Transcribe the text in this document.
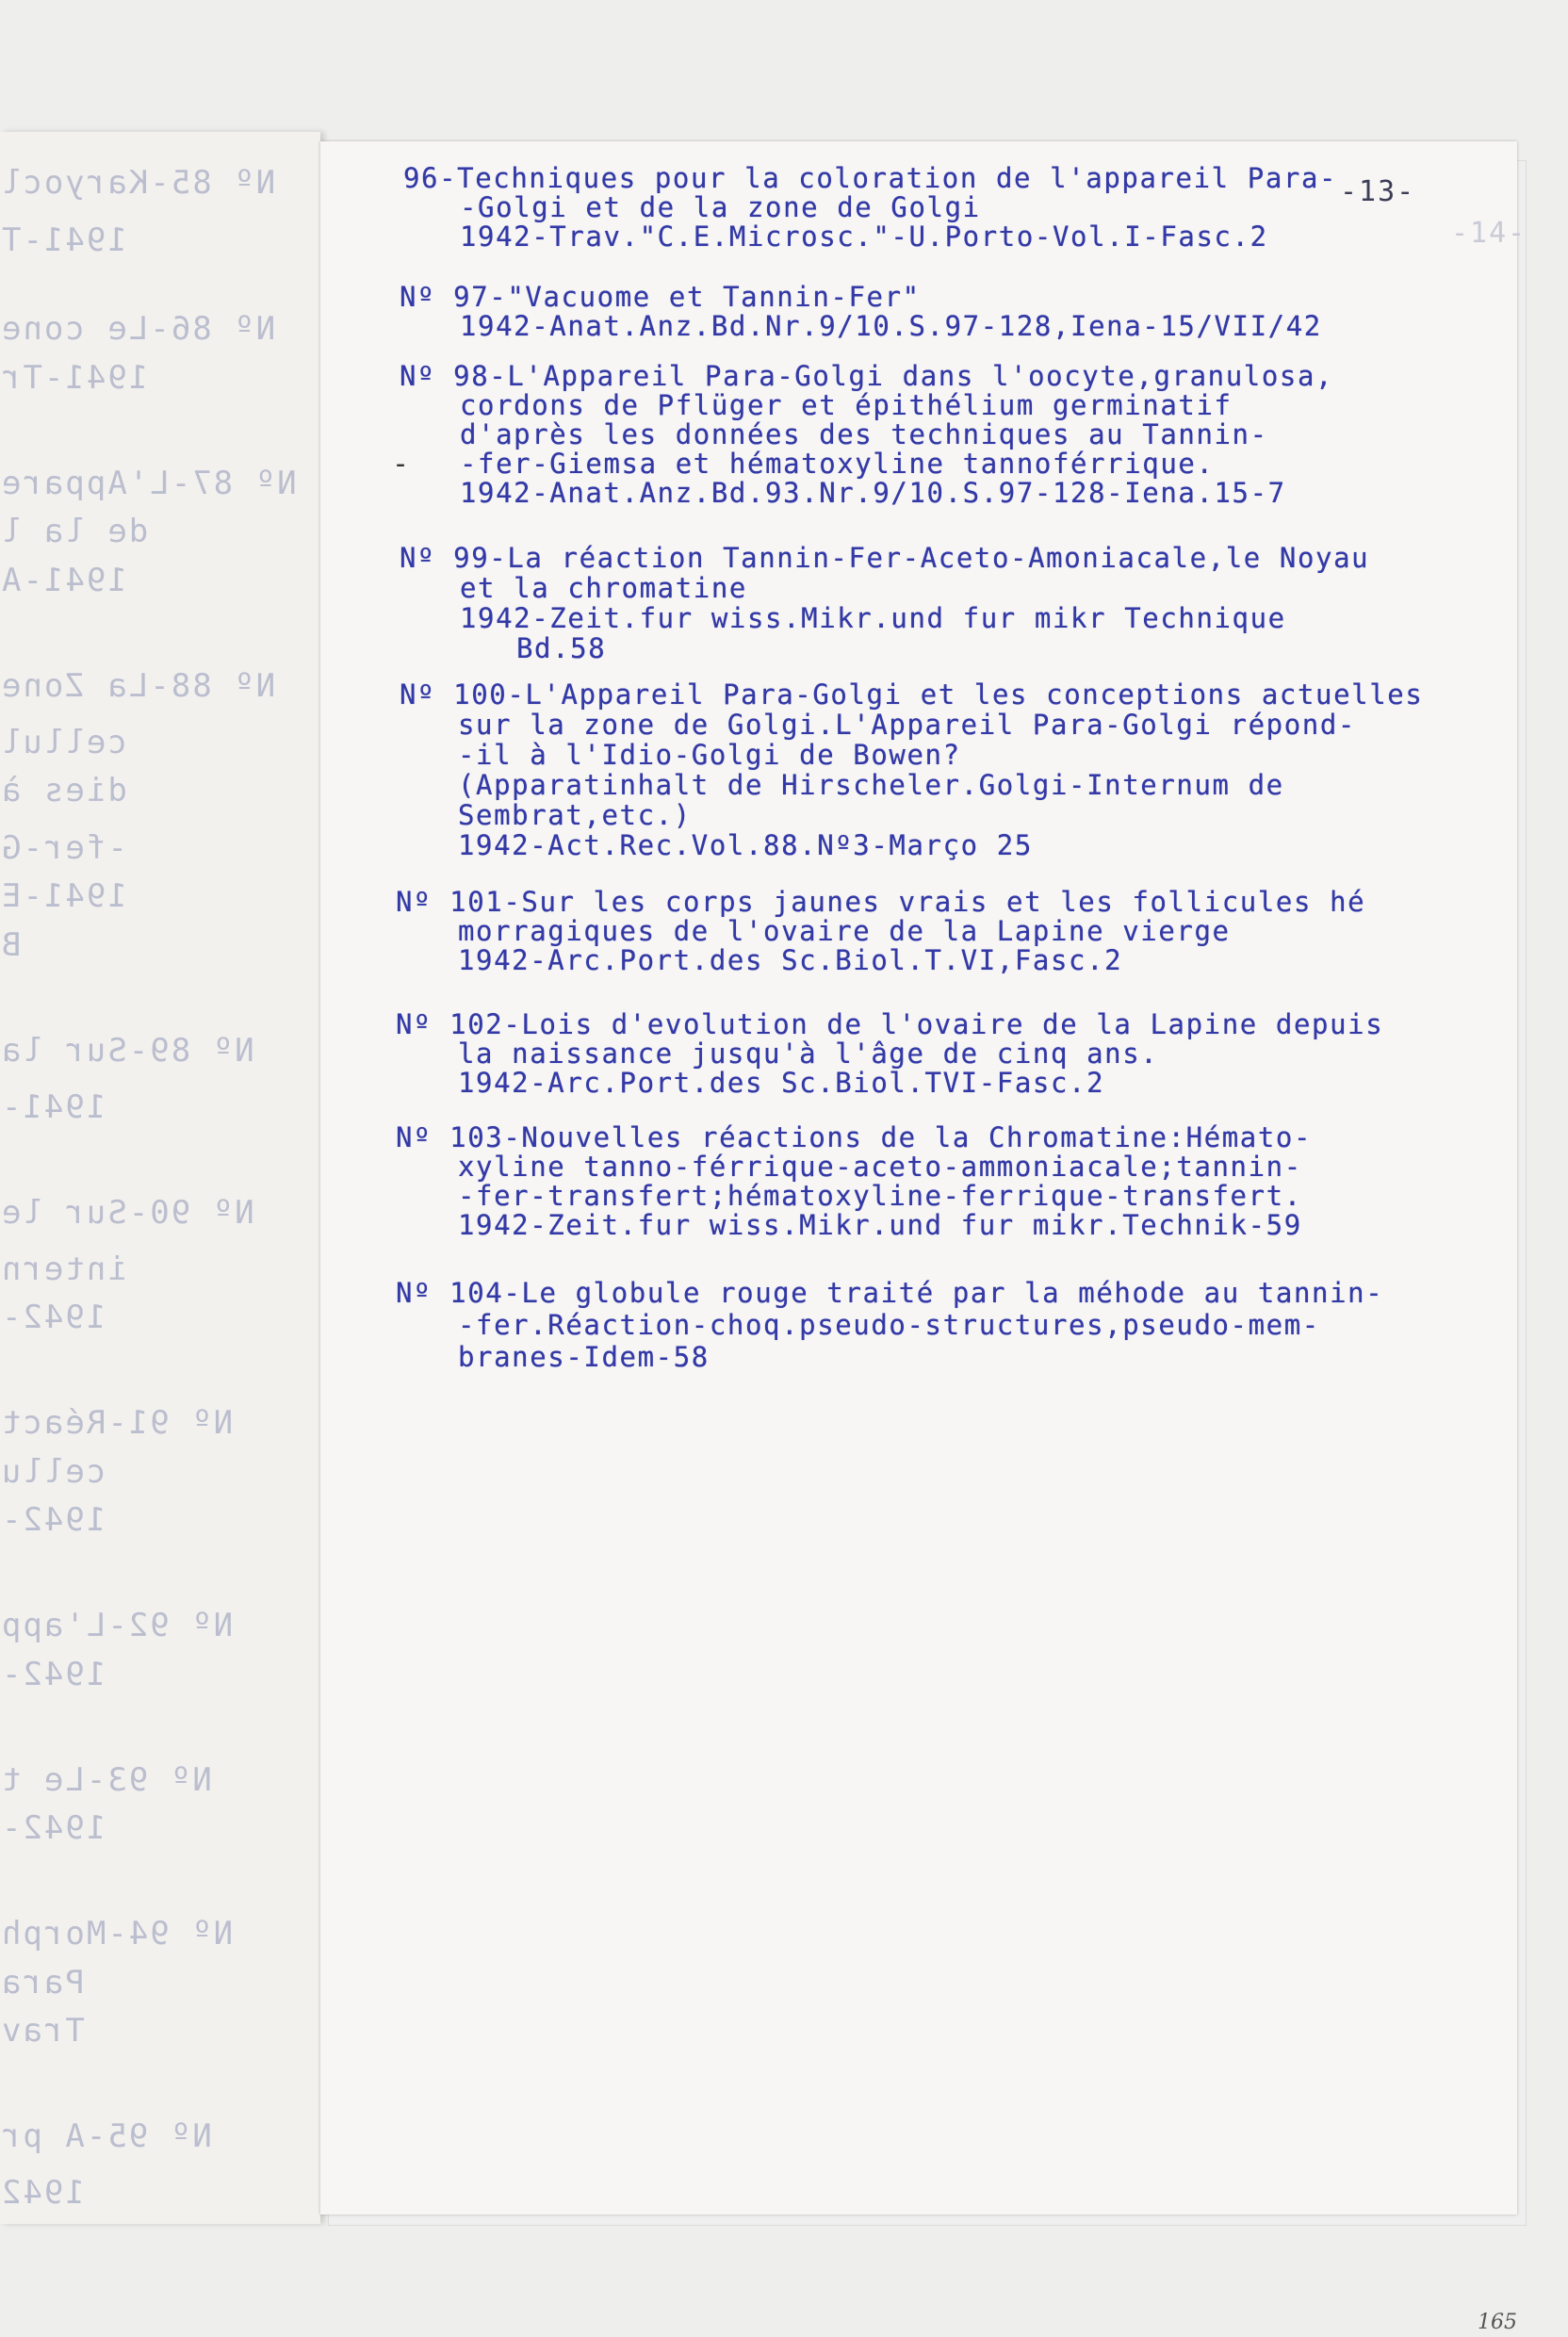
Nº 85-Karyocl
1941-T
Nº 86-Le cone
1941-Tr
Nº 87-L'Appare
de la l
1941-A
Nº 88-La Zone
cellul
dies à
-fer-G
1941-E
B
Nº 89-Sur la
1941-
Nº 90-Sur le
intern
1942-
Nº 91-Réact
cellu
1942-
Nº 92-L'app
1942-
Nº 93-Le t
1942-
Nº 94-Morph
Para
Trav
Nº 95-A pr
1942
-13-
-14-
96-Techniques pour la coloration de l'appareil Para-
-Golgi et de la zone de Golgi
1942-Trav."C.E.Microsc."-U.Porto-Vol.I-Fasc.2
Nº 97-"Vacuome et Tannin-Fer"
1942-Anat.Anz.Bd.Nr.9/10.S.97-128,Iena-15/VII/42
Nº 98-L'Appareil Para-Golgi dans l'oocyte,granulosa,
cordons de Pflüger et épithélium germinatif
d'après les données des techniques au Tannin-
-fer-Giemsa et hématoxyline tannoférrique.
1942-Anat.Anz.Bd.93.Nr.9/10.S.97-128-Iena.15-7
-
Nº 99-La réaction Tannin-Fer-Aceto-Amoniacale,le Noyau
et la chromatine
1942-Zeit.fur wiss.Mikr.und fur mikr Technique
Bd.58
Nº 100-L'Appareil Para-Golgi et les conceptions actuelles
sur la zone de Golgi.L'Appareil Para-Golgi répond-
-il à l'Idio-Golgi de Bowen?
(Apparatinhalt de Hirscheler.Golgi-Internum de
Sembrat,etc.)
1942-Act.Rec.Vol.88.Nº3-Março 25
Nº 101-Sur les corps jaunes vrais et les follicules hé
morragiques de l'ovaire de la Lapine vierge
1942-Arc.Port.des Sc.Biol.T.VI,Fasc.2
Nº 102-Lois d'evolution de l'ovaire de la Lapine depuis
la naissance jusqu'à l'âge de cinq ans.
1942-Arc.Port.des Sc.Biol.TVI-Fasc.2
Nº 103-Nouvelles réactions de la Chromatine:Hémato-
xyline tanno-férrique-aceto-ammoniacale;tannin-
-fer-transfert;hématoxyline-ferrique-transfert.
1942-Zeit.fur wiss.Mikr.und fur mikr.Technik-59
Nº 104-Le globule rouge traité par la méhode au tannin-
-fer.Réaction-choq.pseudo-structures,pseudo-mem-
branes-Idem-58
165
